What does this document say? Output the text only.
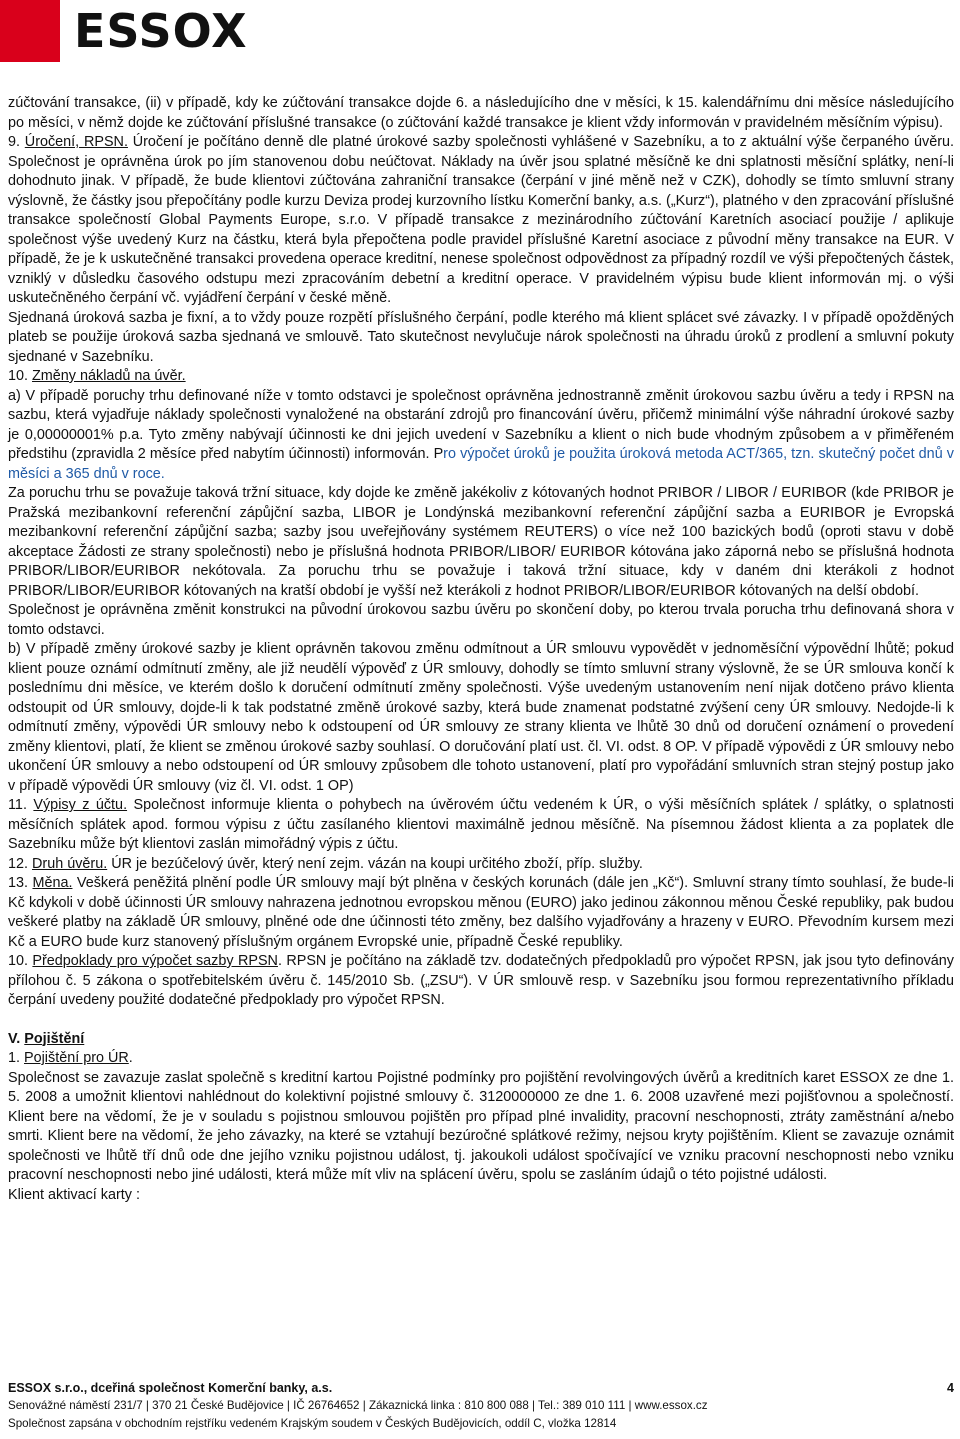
ESSOX

zúčtování transakce, (ii) v případě, kdy ke zúčtování transakce dojde 6. a následujícího dne v měsíci, k 15. kalendářnímu dni měsíce následujícího po měsíci, v němž dojde ke zúčtování příslušné transakce (o zúčtování každé transakce je klient vždy informován v pravidelném měsíčním výpisu).

9. Úročení, RPSN. Úročení je počítáno denně dle platné úrokové sazby společnosti vyhlášené v Sazebníku, a to z aktuální výše čerpaného úvěru. Společnost je oprávněna úrok po jím stanovenou dobu neúčtovat. Náklady na úvěr jsou splatné měsíčně ke dni splatnosti měsíční splátky, není-li dohodnuto jinak. V případě, že bude klientovi zúčtována zahraniční transakce (čerpání v jiné měně než v CZK), dohodly se tímto smluvní strany výslovně, že částky jsou přepočítány podle kurzu Deviza prodej kurzovního lístku Komerční banky, a.s. („Kurz“), platného v den zpracování příslušné transakce společností Global Payments Europe, s.r.o. V případě transakce z mezinárodního zúčtování Karetních asociací použije / aplikuje společnost výše uvedený Kurz na částku, která byla přepočtena podle pravidel příslušné Karetní asociace z původní měny transakce na EUR. V případě, že je k uskutečněné transakci provedena operace kreditní, nenese společnost odpovědnost za případný rozdíl ve výši přepočtených částek, vzniklý v důsledku časového odstupu mezi zpracováním debetní a kreditní operace. V pravidelném výpisu bude klient informován mj. o výši uskutečněného čerpání vč. vyjádření čerpání v české měně.

Sjednaná úroková sazba je fixní, a to vždy pouze rozpětí příslušného čerpání, podle kterého má klient splácet své závazky. I v případě opožděných plateb se použije úroková sazba sjednaná ve smlouvě. Tato skutečnost nevylučuje nárok společnosti na úhradu úroků z prodlení a smluvní pokuty sjednané v Sazebníku.

10. Změny nákladů na úvěr.

a) V případě poruchy trhu definované níže v tomto odstavci je společnost oprávněna jednostranně změnit úrokovou sazbu úvěru a tedy i RPSN na sazbu, která vyjadřuje náklady společnosti vynaložené na obstarání zdrojů pro financování úvěru, přičemž minimální výše náhradní úrokové sazby je 0,00000001% p.a. Tyto změny nabývají účinnosti ke dni jejich uvedení v Sazebníku a klient o nich bude vhodným způsobem a v přiměřeném předstihu (zpravidla 2 měsíce před nabytím účinnosti) informován. Pro výpočet úroků je použita úroková metoda ACT/365, tzn. skutečný počet dnů v měsíci a 365 dnů v roce.

Za poruchu trhu se považuje taková tržní situace, kdy dojde ke změně jakékoliv z kótovaných hodnot PRIBOR / LIBOR / EURIBOR (kde PRIBOR je Pražská mezibankovní referenční zápůjční sazba, LIBOR je Londýnská mezibankovní referenční zápůjční sazba a EURIBOR je Evropská mezibankovní referenční zápůjční sazba; sazby jsou uveřejňovány systémem REUTERS) o více než 100 bazických bodů (oproti stavu v době akceptace Žádosti ze strany společnosti) nebo je příslušná hodnota PRIBOR/LIBOR/ EURIBOR kótována jako záporná nebo se příslušná hodnota PRIBOR/LIBOR/EURIBOR nekótovala. Za poruchu trhu se považuje i taková tržní situace, kdy v daném dni kterákoli z hodnot PRIBOR/LIBOR/EURIBOR kótovaných na kratší období je vyšší než kterákoli z hodnot PRIBOR/LIBOR/EURIBOR kótovaných na delší období.

Společnost je oprávněna změnit konstrukci na původní úrokovou sazbu úvěru po skončení doby, po kterou trvala porucha trhu definovaná shora v tomto odstavci.

b) V případě změny úrokové sazby je klient oprávněn takovou změnu odmítnout a ÚR smlouvu vypovědět v jednoměsíční výpovědní lhůtě; pokud klient pouze oznámí odmítnutí změny, ale již neudělí výpověď z ÚR smlouvy, dohodly se tímto smluvní strany výslovně, že se ÚR smlouva končí k poslednímu dni měsíce, ve kterém došlo k doručení odmítnutí změny společnosti. Výše uvedeným ustanovením není nijak dotčeno právo klienta odstoupit od ÚR smlouvy, dojde-li k tak podstatné změně úrokové sazby, která bude znamenat podstatné zvýšení ceny ÚR smlouvy. Nedojde-li k odmítnutí změny, výpovědi ÚR smlouvy nebo k odstoupení od ÚR smlouvy ze strany klienta ve lhůtě 30 dnů od doručení oznámení o provedení změny klientovi, platí, že klient se změnou úrokové sazby souhlasí. O doručování platí ust. čl. VI. odst. 8 OP. V případě výpovědi z ÚR smlouvy nebo ukončení ÚR smlouvy a nebo odstoupení od ÚR smlouvy způsobem dle tohoto ustanovení, platí pro vypořádání smluvních stran stejný postup jako v případě výpovědi ÚR smlouvy (viz čl. VI. odst. 1 OP)

11. Výpisy z účtu. Společnost informuje klienta o pohybech na úvěrovém účtu vedeném k ÚR, o výši měsíčních splátek / splátky, o splatnosti měsíčních splátek apod. formou výpisu z účtu zasílaného klientovi maximálně jednou měsíčně. Na písemnou žádost klienta a za poplatek dle Sazebníku může být klientovi zaslán mimořádný výpis z účtu.

12. Druh úvěru. ÚR je bezúčelový úvěr, který není zejm. vázán na koupi určitého zboží, příp. služby.

13. Měna. Veškerá peněžitá plnění podle ÚR smlouvy mají být plněna v českých korunách (dále jen „Kč“). Smluvní strany tímto souhlasí, že bude-li Kč kdykoli v době účinnosti ÚR smlouvy nahrazena jednotnou evropskou měnou (EURO) jako jedinou zákonnou měnou České republiky, pak budou veškeré platby na základě ÚR smlouvy, plněné ode dne účinnosti této změny, bez dalšího vyjadřovány a hrazeny v EURO. Převodním kursem mezi Kč a EURO bude kurz stanovený příslušným orgánem Evropské unie, případně České republiky.

10. Předpoklady pro výpočet sazby RPSN. RPSN je počítáno na základě tzv. dodatečných předpokladů pro výpočet RPSN, jak jsou tyto definovány přílohou č. 5 zákona o spotřebitelském úvěru č. 145/2010 Sb. („ZSU“). V ÚR smlouvě resp. v Sazebníku jsou formou reprezentativního příkladu čerpání uvedeny použité dodatečné předpoklady pro výpočet RPSN.

V. Pojištění

1. Pojištění pro ÚR.

Společnost se zavazuje zaslat společně s kreditní kartou Pojistné podmínky pro pojištění revolvingových úvěrů a kreditních karet ESSOX ze dne 1. 5. 2008 a umožnit klientovi nahlédnout do kolektivní pojistné smlouvy č. 3120000000 ze dne 1. 6. 2008 uzavřené mezi pojišťovnou a společností. Klient bere na vědomí, že je v souladu s pojistnou smlouvou pojištěn pro případ plné invalidity, pracovní neschopnosti, ztráty zaměstnání a/nebo smrti. Klient bere na vědomí, že jeho závazky, na které se vztahují bezúročné splátkové režimy, nejsou kryty pojištěním. Klient se zavazuje oznámit společnosti ve lhůtě tří dnů ode dne jejího vzniku pojistnou událost, tj. jakoukoli událost spočívající ve vzniku pracovní neschopnosti nebo vzniku pracovní neschopnosti nebo jiné události, která může mít vliv na splácení úvěru, spolu se zasláním údajů o této pojistné události.

Klient aktivací karty :

ESSOX s.r.o., dceřiná společnost Komerční banky, a.s.	4
Senovážné náměstí 231/7 | 370 21 České Budějovice | IČ 26764652 | Zákaznická linka : 810 800 088 | Tel.: 389 010 111 | www.essox.cz
Společnost zapsána v obchodním rejstříku vedeném Krajským soudem v Českých Budějovicích, oddíl C, vložka 12814
